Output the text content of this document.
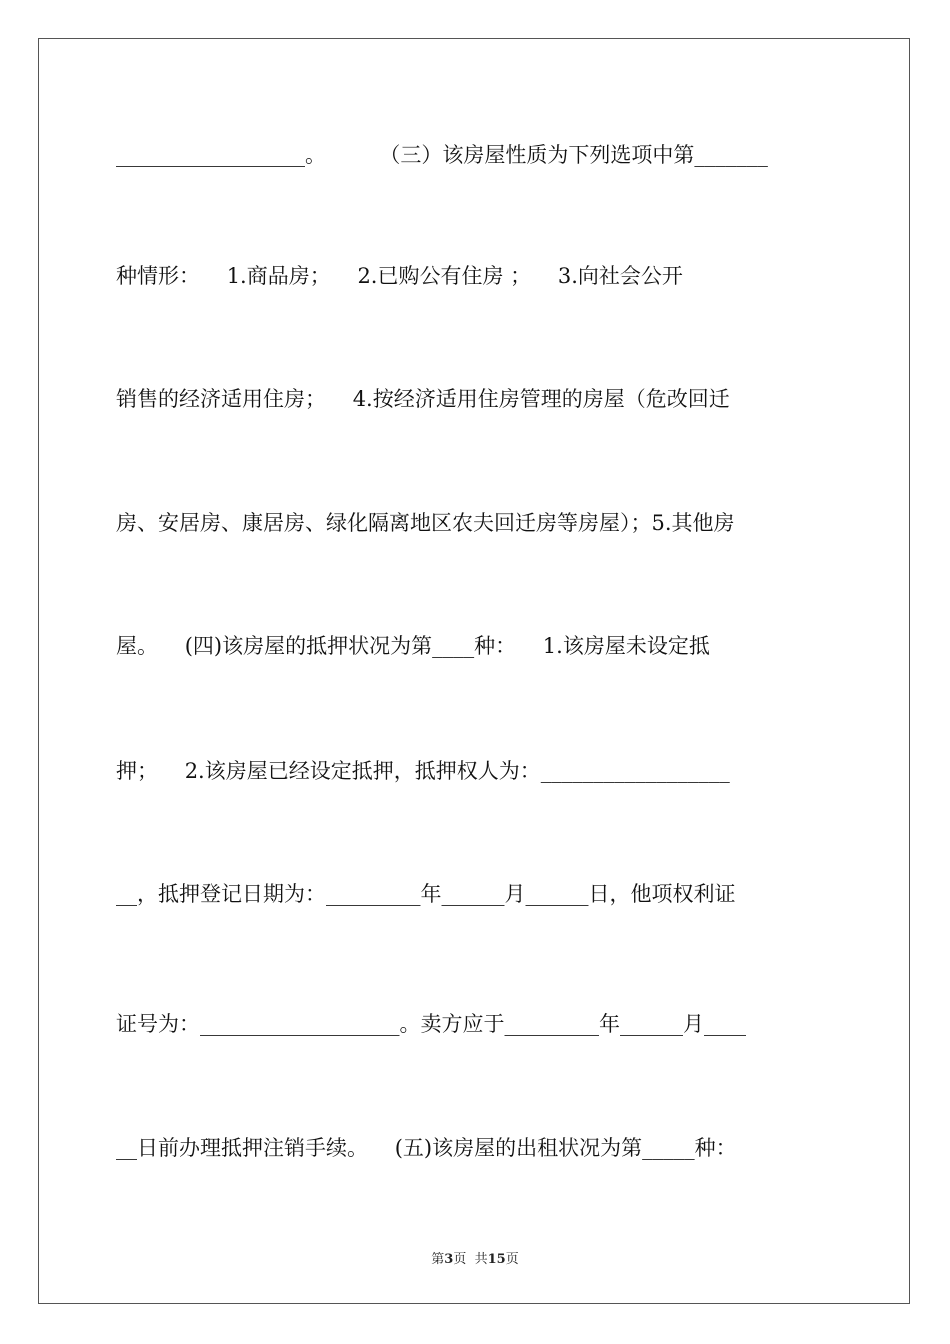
__________________。        （三）该房屋性质为下列选项中第_______
种情形：    1.商品房；    2.已购公有住房 ；    3.向社会公开
销售的经济适用住房；    4.按经济适用住房管理的房屋（危改回迁
房、安居房、康居房、绿化隔离地区农夫回迁房等房屋）；5.其他房
屋。    (四)该房屋的抵押状况为第____种：    1.该房屋未设定抵
押；    2.该房屋已经设定抵押，抵押权人为：__________________
__，抵押登记日期为：_________年______月______日，他项权利证
证号为：___________________。卖方应于_________年______月____
__日前办理抵押注销手续。    (五)该房屋的出租状况为第_____种：
第3页  共15页
